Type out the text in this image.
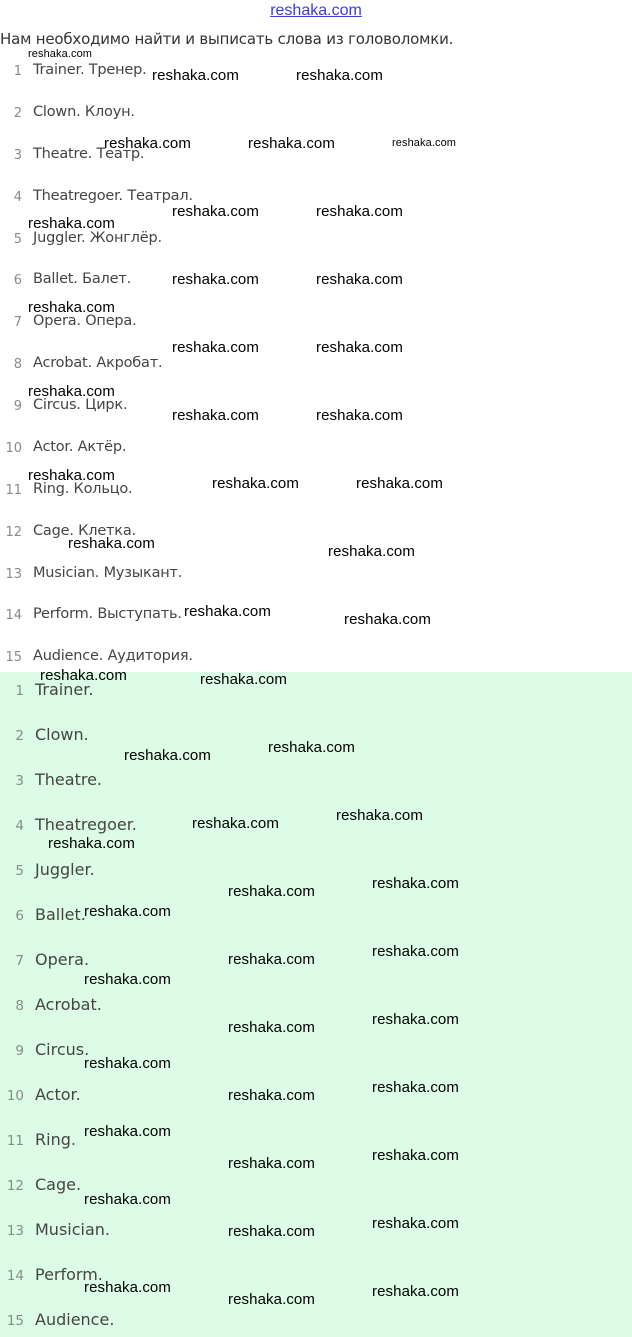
reshaka.com
Нам необходимо найти и выписать слова из головоломки.
1 Trainer. Тренер.
2 Clown. Клоун.
3 Theatre. Театр.
4 Theatregoer. Театрал.
5 Juggler. Жонглёр.
6 Ballet. Балет.
7 Opera. Опера.
8 Acrobat. Акробат.
9 Circus. Цирк.
10 Actor. Актёр.
11 Ring. Кольцо.
12 Cage. Клетка.
13 Musician. Музыкант.
14 Perform. Выступать.
15 Audience. Аудитория.
1 Trainer.
2 Clown.
3 Theatre.
4 Theatregoer.
5 Juggler.
6 Ballet.
7 Opera.
8 Acrobat.
9 Circus.
10 Actor.
11 Ring.
12 Cage.
13 Musician.
14 Perform.
15 Audience.
reshaka.com
reshaka.com	reshaka.com
reshaka.com	reshaka.com	reshaka.com
reshaka.com	reshaka.com
reshaka.com
reshaka.com	reshaka.com
reshaka.com
reshaka.com	reshaka.com
reshaka.com
reshaka.com	reshaka.com
reshaka.com	reshaka.com	reshaka.com
reshaka.com	reshaka.com
reshaka.com	reshaka.com
reshaka.com	reshaka.com
reshaka.com
reshaka.com
reshaka.com
reshaka.com
reshaka.com
reshaka.com
reshaka.com
reshaka.com
reshaka.com
reshaka.com
reshaka.com
reshaka.com
reshaka.com
reshaka.com
reshaka.com
reshaka.com
reshaka.com
reshaka.com
reshaka.com
reshaka.com
reshaka.com
reshaka.com
reshaka.com	reshaka.com
reshaka.com
